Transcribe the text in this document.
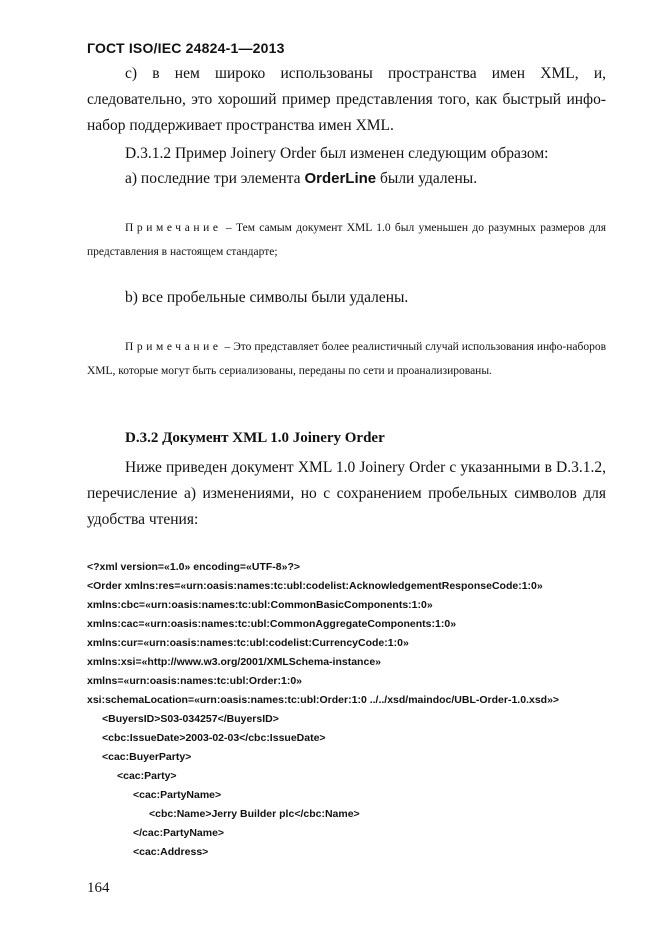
ГОСТ ISO/IEC 24824-1—2013

с) в нем широко использованы пространства имен XML, и, следовательно, это хороший пример представления того, как быстрый инфо-набор поддерживает пространства имен XML.

D.3.1.2 Пример Joinery Order был изменен следующим образом:
а) последние три элемента OrderLine были удалены.

Примечание – Тем самым документ XML 1.0 был уменьшен до разумных размеров для представления в настоящем стандарте;

b) все пробельные символы были удалены.

Примечание – Это представляет более реалистичный случай использования инфо-наборов XML, которые могут быть сериализованы, переданы по сети и проанализированы.

D.3.2 Документ XML 1.0 Joinery Order

Ниже приведен документ XML 1.0 Joinery Order с указанными в D.3.1.2, перечисление а) изменениями, но с сохранением пробельных символов для удобства чтения:

<?xml version=«1.0» encoding=«UTF-8»?>
<Order xmlns:res=«urn:oasis:names:tc:ubl:codelist:AcknowledgementResponseCode:1:0»
xmlns:cbc=«urn:oasis:names:tc:ubl:CommonBasicComponents:1:0»
xmlns:cac=«urn:oasis:names:tc:ubl:CommonAggregateComponents:1:0»
xmlns:cur=«urn:oasis:names:tc:ubl:codelist:CurrencyCode:1:0»
xmlns:xsi=«http://www.w3.org/2001/XMLSchema-instance»
xmlns=«urn:oasis:names:tc:ubl:Order:1:0»
xsi:schemaLocation=«urn:oasis:names:tc:ubl:Order:1:0 ../../xsd/maindoc/UBL-Order-1.0.xsd»>
<BuyersID>S03-034257</BuyersID>
<cbc:IssueDate>2003-02-03</cbc:IssueDate>
<cac:BuyerParty>
<cac:Party>
<cac:PartyName>
<cbc:Name>Jerry Builder plc</cbc:Name>
</cac:PartyName>
<cac:Address>
164
